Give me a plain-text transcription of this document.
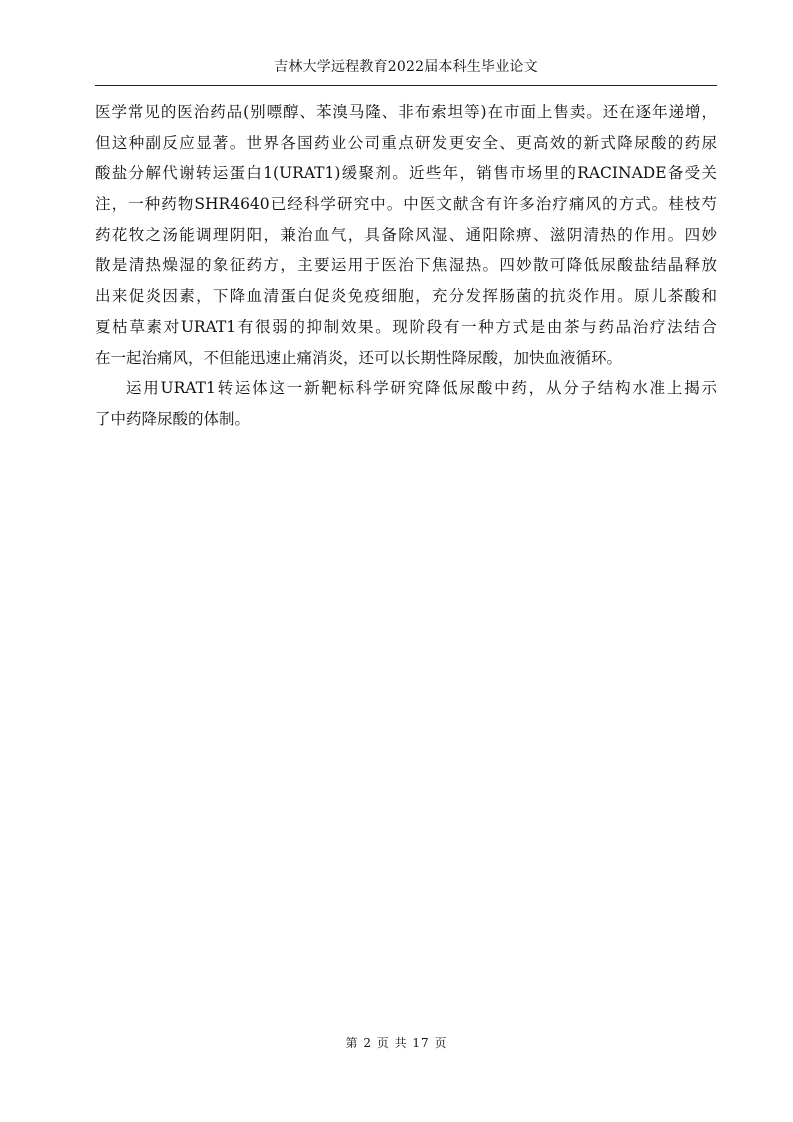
吉林大学远程教育2022届本科生毕业论文
医学常见的医治药品(别嘌醇、苯溴马隆、非布索坦等)在市面上售卖。还在逐年递增，
但这种副反应显著。世界各国药业公司重点研发更安全、更高效的新式降尿酸的药尿
酸盐分解代谢转运蛋白1(URAT1)缓聚剂。近些年，销售市场里的RACINADE备受关
注，一种药物SHR4640已经科学研究中。中医文献含有许多治疗痛风的方式。桂枝芍
药花牧之汤能调理阴阳，兼治血气，具备除风湿、通阳除痹、滋阴清热的作用。四妙
散是清热燥湿的象征药方，主要运用于医治下焦湿热。四妙散可降低尿酸盐结晶释放
出来促炎因素，下降血清蛋白促炎免疫细胞，充分发挥肠菌的抗炎作用。原儿茶酸和
夏枯草素对URAT1有很弱的抑制效果。现阶段有一种方式是由茶与药品治疗法结合
在一起治痛风，不但能迅速止痛消炎，还可以长期性降尿酸，加快血液循环。
运用URAT1转运体这一新靶标科学研究降低尿酸中药，从分子结构水准上揭示
了中药降尿酸的体制。
第 2 页 共 17 页
